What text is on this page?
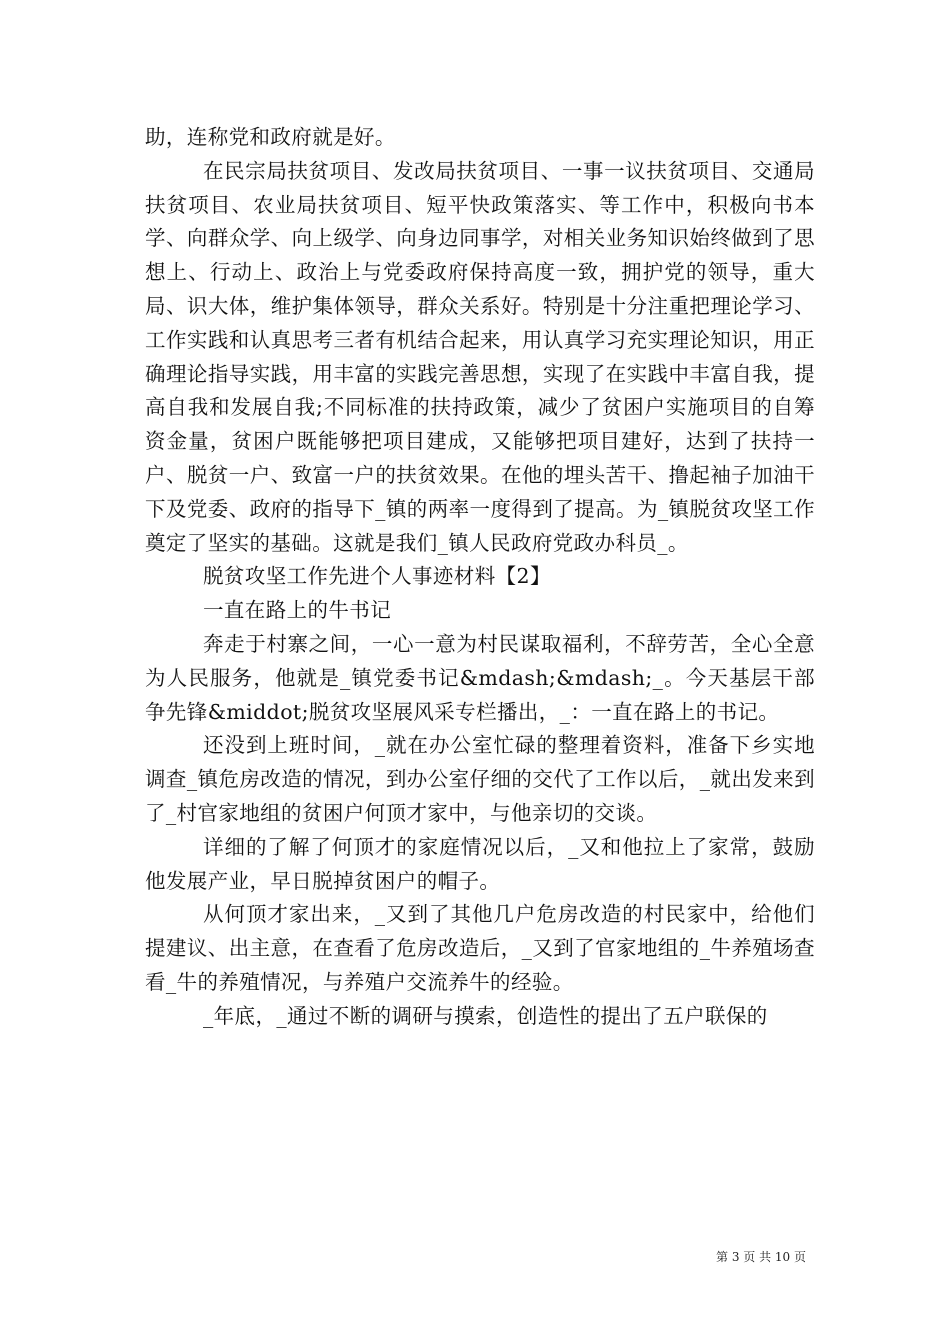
助，连称党和政府就是好。

在民宗局扶贫项目、发改局扶贫项目、一事一议扶贫项目、交通局扶贫项目、农业局扶贫项目、短平快政策落实、等工作中，积极向书本学、向群众学、向上级学、向身边同事学，对相关业务知识始终做到了思想上、行动上、政治上与党委政府保持高度一致，拥护党的领导，重大局、识大体，维护集体领导，群众关系好。特别是十分注重把理论学习、工作实践和认真思考三者有机结合起来，用认真学习充实理论知识，用正确理论指导实践，用丰富的实践完善思想，实现了在实践中丰富自我，提高自我和发展自我;不同标准的扶持政策，减少了贫困户实施项目的自筹资金量，贫困户既能够把项目建成，又能够把项目建好，达到了扶持一户、脱贫一户、致富一户的扶贫效果。在他的埋头苦干、撸起袖子加油干下及党委、政府的指导下_镇的两率一度得到了提高。为_镇脱贫攻坚工作奠定了坚实的基础。这就是我们_镇人民政府党政办科员_。

脱贫攻坚工作先进个人事迹材料【2】

一直在路上的牛书记

奔走于村寨之间，一心一意为村民谋取福利，不辞劳苦，全心全意为人民服务，他就是_镇党委书记&mdash;&mdash;_。今天基层干部争先锋&middot;脱贫攻坚展风采专栏播出，_：一直在路上的书记。

还没到上班时间，_就在办公室忙碌的整理着资料，准备下乡实地调查_镇危房改造的情况，到办公室仔细的交代了工作以后，_就出发来到了_村官家地组的贫困户何顶才家中，与他亲切的交谈。

详细的了解了何顶才的家庭情况以后，_又和他拉上了家常，鼓励他发展产业，早日脱掉贫困户的帽子。

从何顶才家出来，_又到了其他几户危房改造的村民家中，给他们提建议、出主意，在查看了危房改造后，_又到了官家地组的_牛养殖场查看_牛的养殖情况，与养殖户交流养牛的经验。

_年底，_通过不断的调研与摸索，创造性的提出了五户联保的

第 3 页 共 10 页
